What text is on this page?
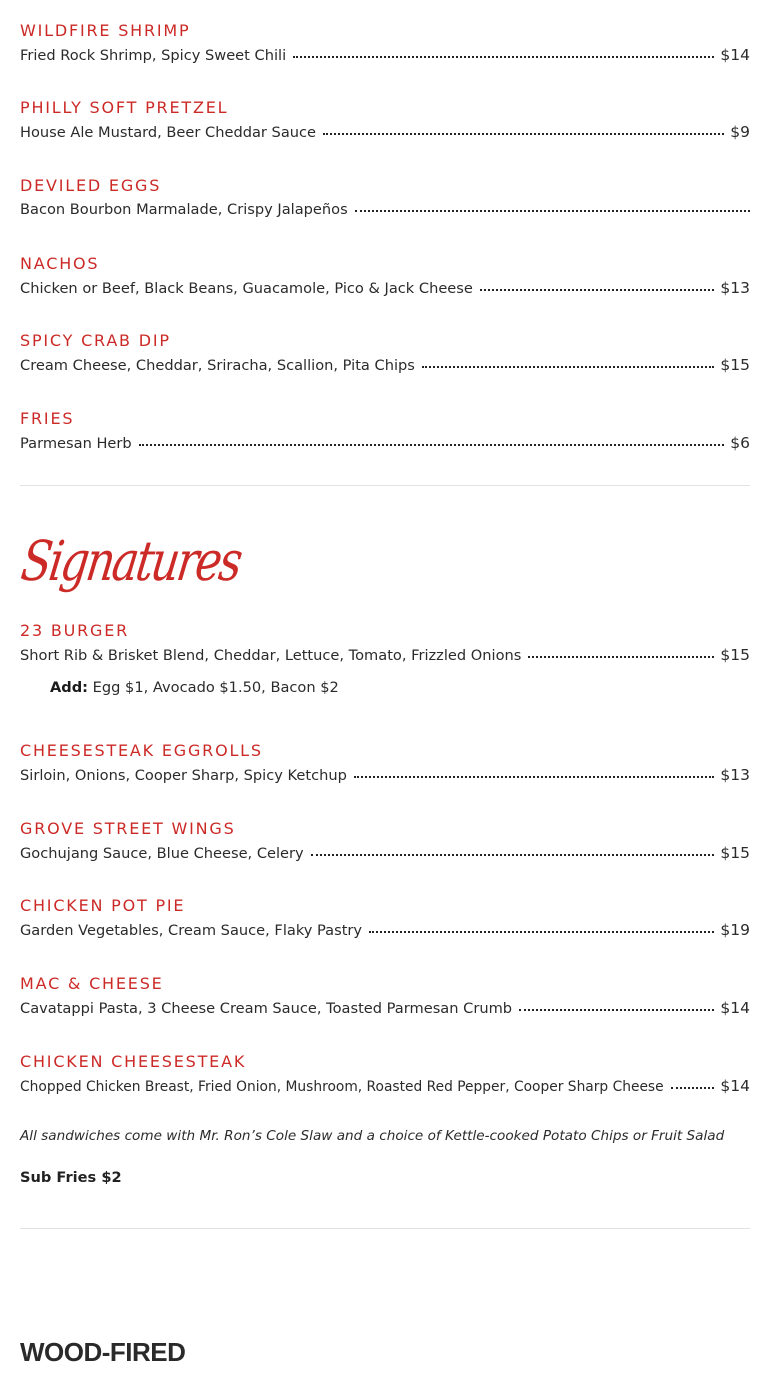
WILDFIRE SHRIMP
Fried Rock Shrimp, Spicy Sweet Chili	$14
PHILLY SOFT PRETZEL
House Ale Mustard, Beer Cheddar Sauce	$9
DEVILED EGGS
Bacon Bourbon Marmalade, Crispy Jalapeños
NACHOS
Chicken or Beef, Black Beans, Guacamole, Pico & Jack Cheese	$13
SPICY CRAB DIP
Cream Cheese, Cheddar, Sriracha, Scallion, Pita Chips	$15
FRIES
Parmesan Herb	$6
Signatures
23 BURGER
Short Rib & Brisket Blend, Cheddar, Lettuce, Tomato, Frizzled Onions	$15
Add: Egg $1, Avocado $1.50, Bacon $2
CHEESESTEAK EGGROLLS
Sirloin, Onions, Cooper Sharp, Spicy Ketchup	$13
GROVE STREET WINGS
Gochujang Sauce, Blue Cheese, Celery	$15
CHICKEN POT PIE
Garden Vegetables, Cream Sauce, Flaky Pastry	$19
MAC & CHEESE
Cavatappi Pasta, 3 Cheese Cream Sauce, Toasted Parmesan Crumb	$14
CHICKEN CHEESESTEAK
Chopped Chicken Breast, Fried Onion, Mushroom, Roasted Red Pepper, Cooper Sharp Cheese	$14
All sandwiches come with Mr. Ron’s Cole Slaw and a choice of Kettle-cooked Potato Chips or Fruit Salad
Sub Fries $2
WOOD-FIRED
